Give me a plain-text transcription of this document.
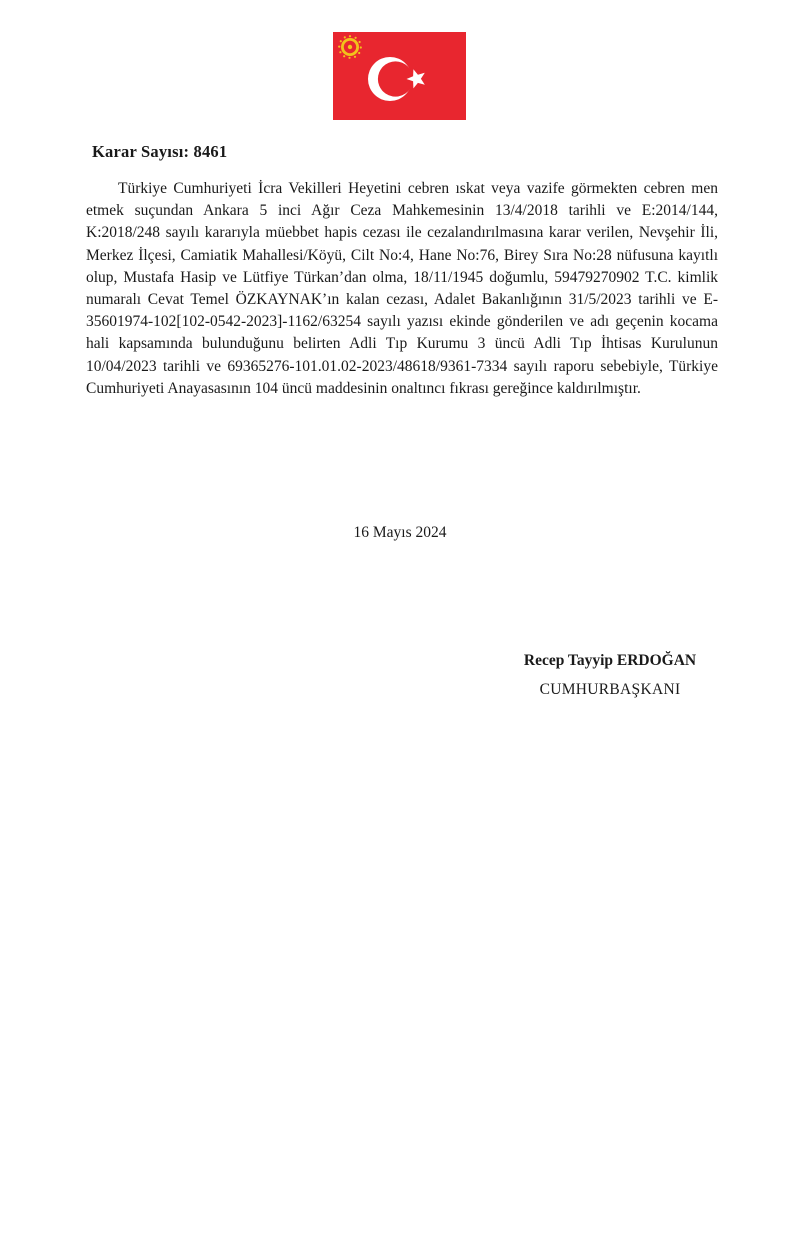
Karar Sayısı: 8461

Türkiye Cumhuriyeti İcra Vekilleri Heyetini cebren ıskat veya vazife görmekten cebren men etmek suçundan Ankara 5 inci Ağır Ceza Mahkemesinin 13/4/2018 tarihli ve E:2014/144, K:2018/248 sayılı kararıyla müebbet hapis cezası ile cezalandırılmasına karar verilen, Nevşehir İli, Merkez İlçesi, Camiatik Mahallesi/Köyü, Cilt No:4, Hane No:76, Birey Sıra No:28 nüfusuna kayıtlı olup, Mustafa Hasip ve Lütfiye Türkan’dan olma, 18/11/1945 doğumlu, 59479270902 T.C. kimlik numaralı Cevat Temel ÖZKAYNAK’ın kalan cezası, Adalet Bakanlığının 31/5/2023 tarihli ve E-35601974-102[102-0542-2023]-1162/63254 sayılı yazısı ekinde gönderilen ve adı geçenin kocama hali kapsamında bulunduğunu belirten Adli Tıp Kurumu 3 üncü Adli Tıp İhtisas Kurulunun 10/04/2023 tarihli ve 69365276-101.01.02-2023/48618/9361-7334 sayılı raporu sebebiyle, Türkiye Cumhuriyeti Anayasasının 104 üncü maddesinin onaltıncı fıkrası gereğince kaldırılmıştır.

16 Mayıs 2024
Recep Tayyip ERDOĞAN
CUMHURBAŞKANI
